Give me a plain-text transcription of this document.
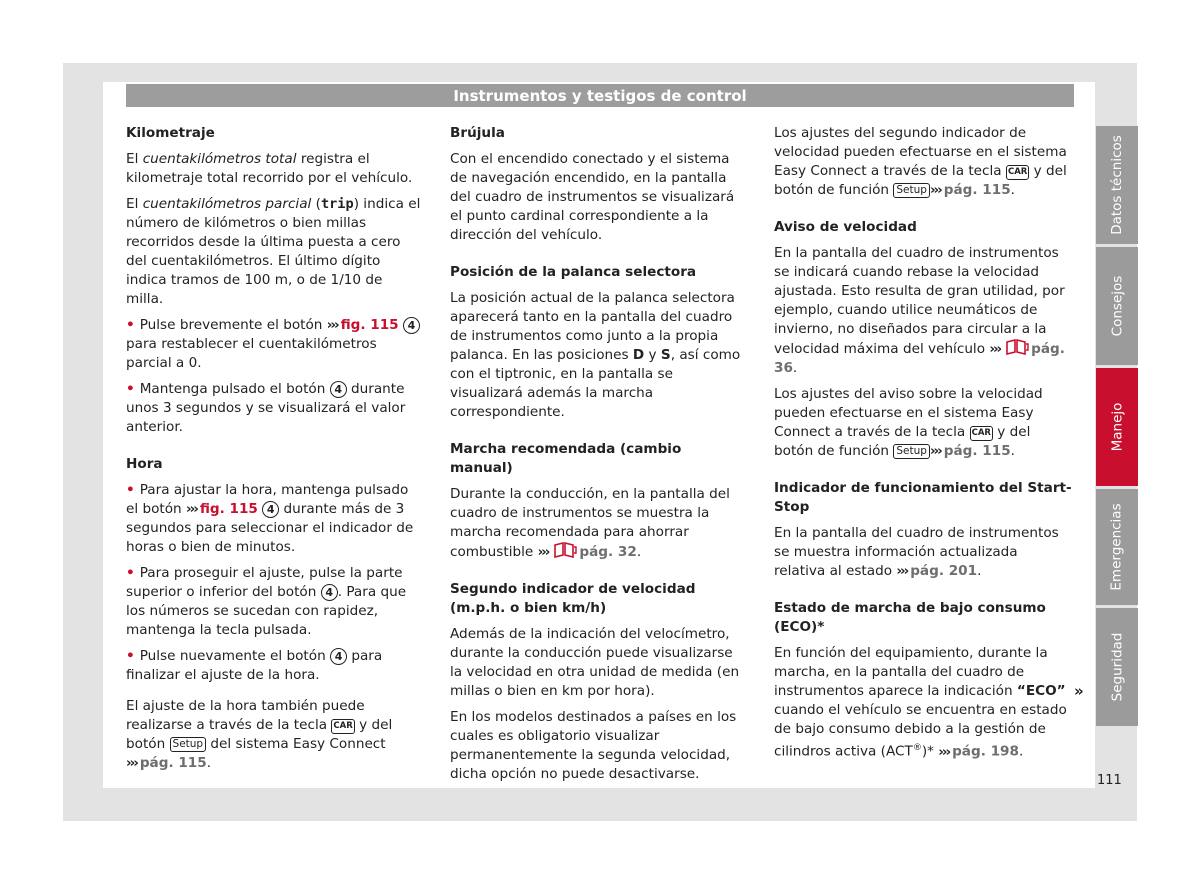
Instrumentos y testigos de control
Kilometraje

El cuentakilómetros total registra el kilometraje total recorrido por el vehículo.

El cuentakilómetros parcial (trip) indica el número de kilómetros o bien millas recorridos desde la última puesta a cero del cuentakilómetros. El último dígito indica tramos de 100 m, o de 1/10 de milla.

• Pulse brevemente el botón ››› fig. 115 4 para restablecer el cuentakilómetros parcial a 0.

• Mantenga pulsado el botón 4 durante unos 3 segundos y se visualizará el valor anterior.

Hora

• Para ajustar la hora, mantenga pulsado el botón ››› fig. 115 4 durante más de 3 segundos para seleccionar el indicador de horas o bien de minutos.

• Para proseguir el ajuste, pulse la parte superior o inferior del botón 4 . Para que los números se sucedan con rapidez, mantenga la tecla pulsada.

• Pulse nuevamente el botón 4 para finalizar el ajuste de la hora.

El ajuste de la hora también puede realizarse a través de la tecla CAR y del botón Setup del sistema Easy Connect ››› pág. 115.

Brújula

Con el encendido conectado y el sistema de navegación encendido, en la pantalla del cuadro de instrumentos se visualizará el punto cardinal correspondiente a la dirección del vehículo.

Posición de la palanca selectora

La posición actual de la palanca selectora aparecerá tanto en la pantalla del cuadro de instrumentos como junto a la propia palanca. En las posiciones D y S, así como con el tiptronic, en la pantalla se visualizará además la marcha correspondiente.

Marcha recomendada (cambio manual)

Durante la conducción, en la pantalla del cuadro de instrumentos se muestra la marcha recomendada para ahorrar combustible ››› pág. 32.

Segundo indicador de velocidad (m.p.h. o bien km/h)

Además de la indicación del velocímetro, durante la conducción puede visualizarse la velocidad en otra unidad de medida (en millas o bien en km por hora).

En los modelos destinados a países en los cuales es obligatorio visualizar permanentemente la segunda velocidad, dicha opción no puede desactivarse.

Los ajustes del segundo indicador de velocidad pueden efectuarse en el sistema Easy Connect a través de la tecla CAR y del botón de función Setup ››› pág. 115.

Aviso de velocidad

En la pantalla del cuadro de instrumentos se indicará cuando rebase la velocidad ajustada. Esto resulta de gran utilidad, por ejemplo, cuando utilice neumáticos de invierno, no diseñados para circular a la velocidad máxima del vehículo ››› pág. 36.

Los ajustes del aviso sobre la velocidad pueden efectuarse en el sistema Easy Connect a través de la tecla CAR y del botón de función Setup ››› pág. 115.

Indicador de funcionamiento del Start-Stop

En la pantalla del cuadro de instrumentos se muestra información actualizada relativa al estado ››› pág. 201.

Estado de marcha de bajo consumo (ECO)*

En función del equipamiento, durante la marcha, en la pantalla del cuadro de instrumentos aparece la indicación “ECO” cuando el vehículo se encuentra en estado de bajo consumo debido a la gestión de cilindros activa (ACT®)* ››› pág. 198.

»
Datos técnicos
Consejos
Manejo
Emergencias
Seguridad
111
